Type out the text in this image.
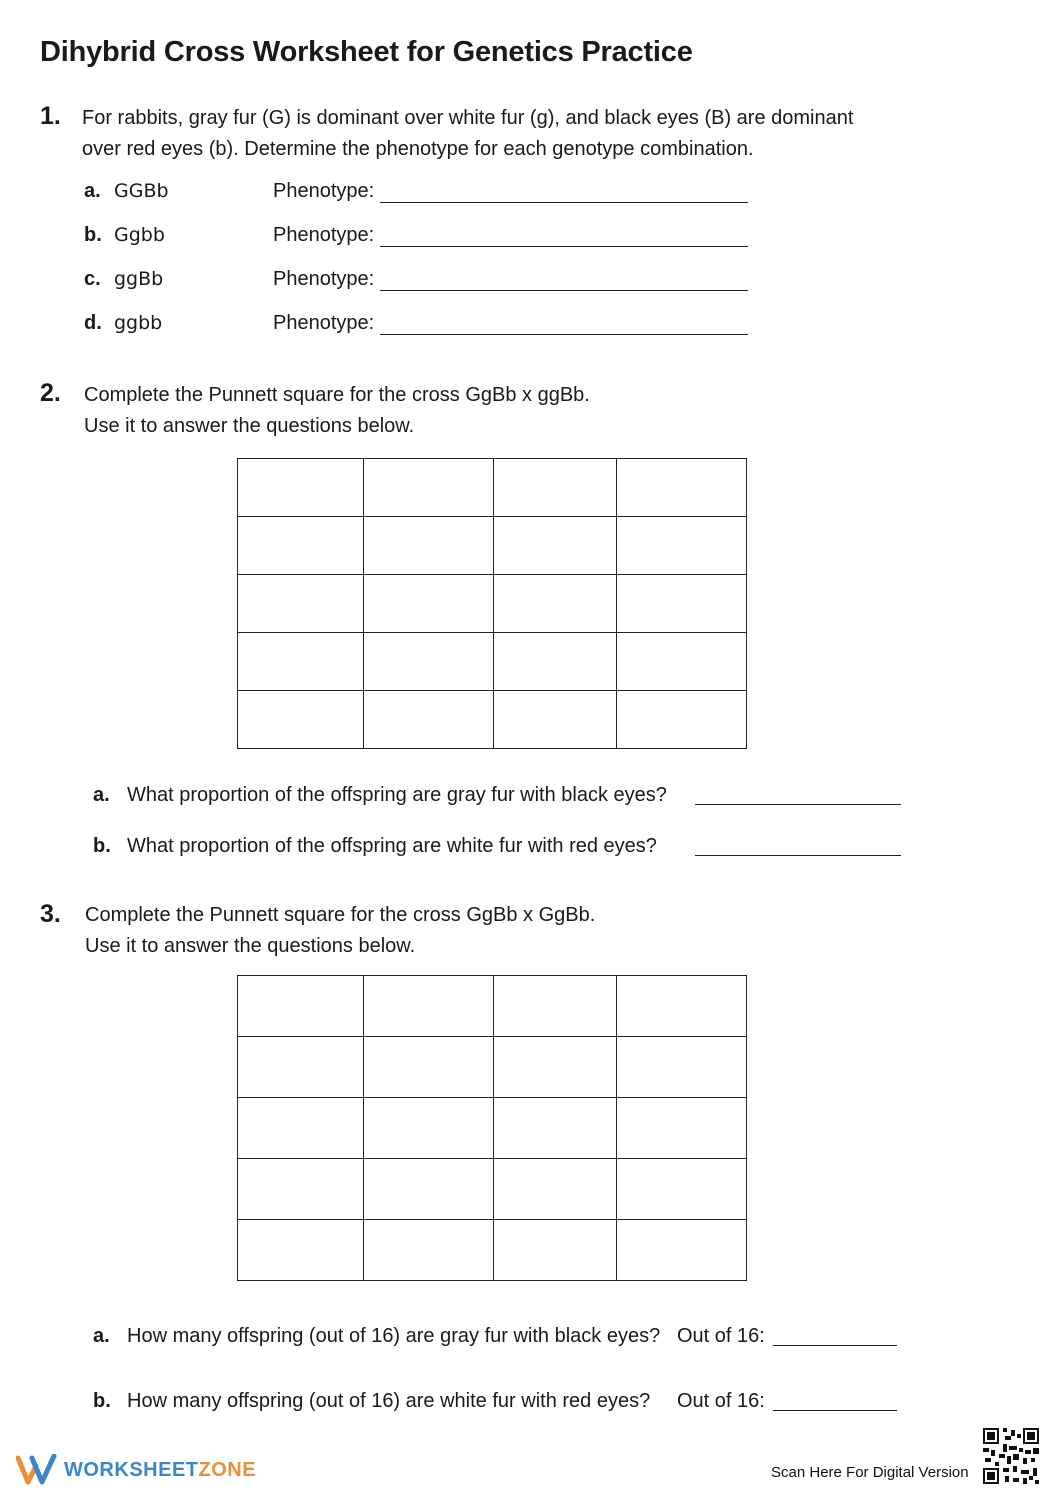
Dihybrid Cross Worksheet for Genetics Practice
1. For rabbits, gray fur (G) is dominant over white fur (g), and black eyes (B) are dominant
over red eyes (b). Determine the phenotype for each genotype combination.
a. GGBb	Phenotype:
b. Ggbb	Phenotype:
c. ggBb	Phenotype:
d. ggbb	Phenotype:
2. Complete the Punnett square for the cross GgBb x ggBb.
Use it to answer the questions below.

a. What proportion of the offspring are gray fur with black eyes?
b. What proportion of the offspring are white fur with red eyes?
3. Complete the Punnett square for the cross GgBb x GgBb.
Use it to answer the questions below.

a. How many offspring (out of 16) are gray fur with black eyes? Out of 16:
b. How many offspring (out of 16) are white fur with red eyes? Out of 16:
WORKSHEETZONE	Scan Here For Digital Version
